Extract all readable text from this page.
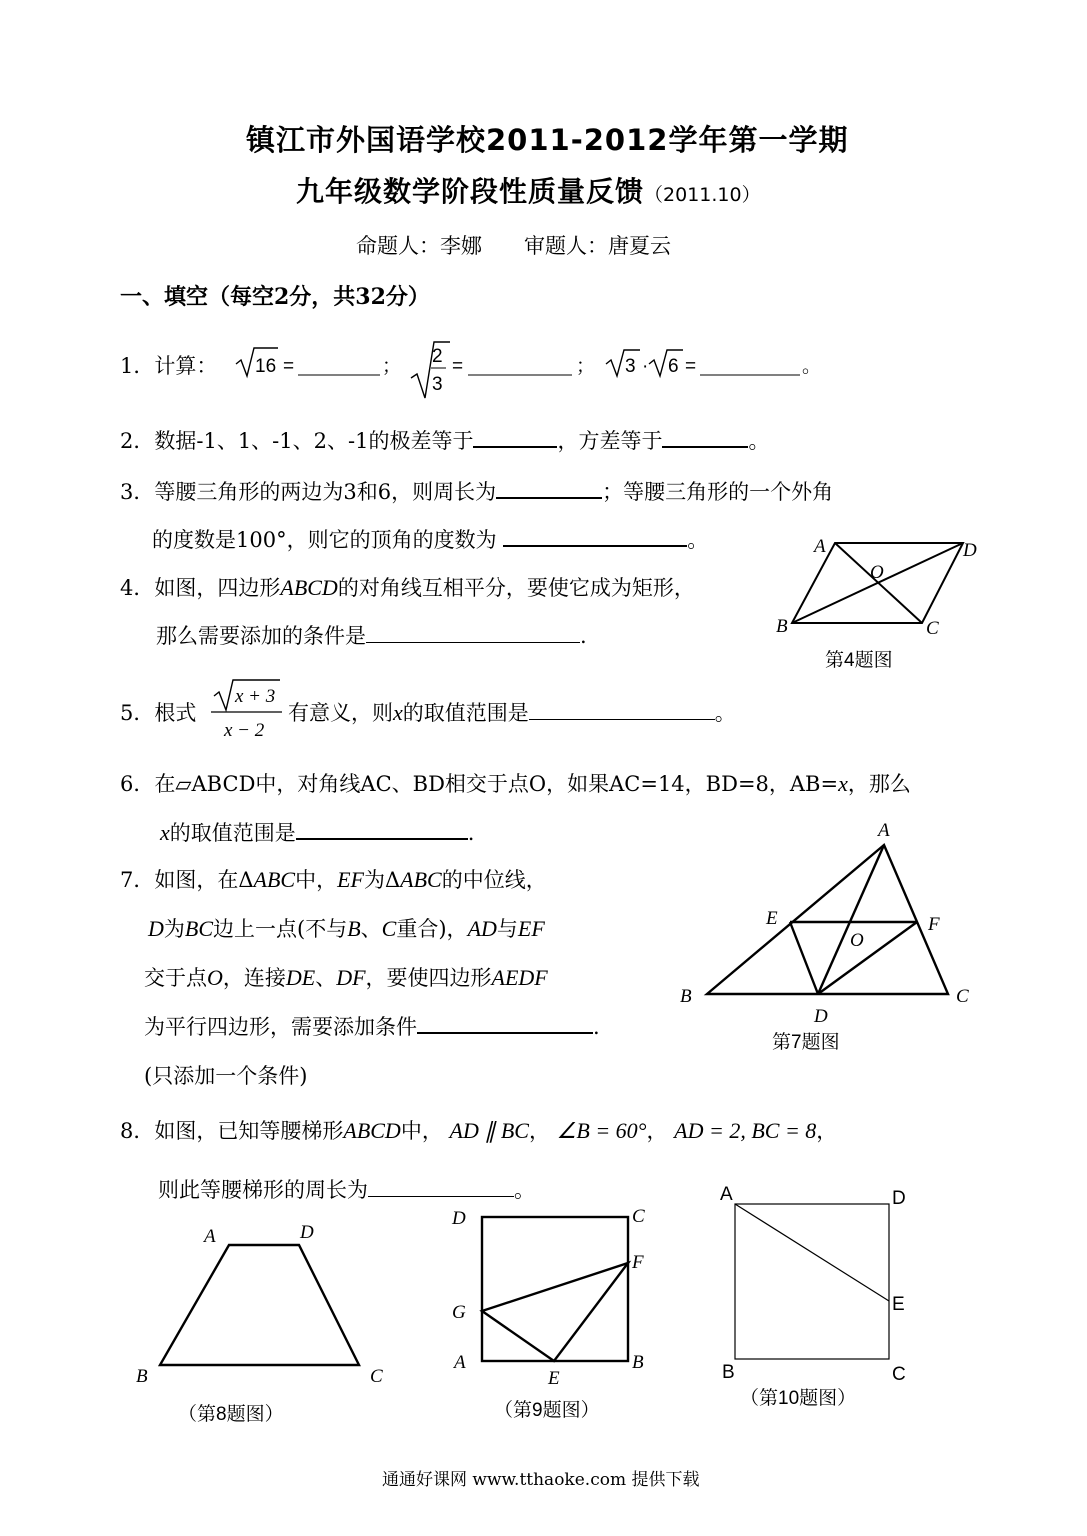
镇江市外国语学校2011-2012学年第一学期
九年级数学阶段性质量反馈（2011.10）
命题人：李娜　　审题人：唐夏云
一、填空（每空2分，共32分）
1．计算： 16 =	； 2
3
=	； 3 · 6 =	。
2．数据-1、1、-1、2、-1的极差等于	，方差等于	。
3．等腰三角形的两边为3和6，则周长为	；等腰三角形的一个外角
的度数是100°，则它的顶角的度数为	。
4．如图，四边形ABCD的对角线互相平分，要使它成为矩形，
那么需要添加的条件是	.
A	D
O
B	C
第4题图
5．根式
x + 3
x − 2
有意义，则x的取值范围是	。
6．在▱ABCD中，对角线AC、BD相交于点O，如果AC=14，BD=8，AB=x，那么
x的取值范围是	.
7．如图，在ΔABC中，EF为ΔABC的中位线，
D为BC边上一点(不与B、C重合)，AD与EF
交于点O，连接DE、DF，要使四边形AEDF
为平行四边形，需要添加条件	.
(只添加一个条件)
A
E	F
O
B
D
C
第7题图
8．如图，已知等腰梯形ABCD中， AD ∥ BC， ∠B = 60°， AD = 2, BC = 8，
则此等腰梯形的周长为	。
A	D
B	C
（第8题图）
D	C
F
G
A
E
B
（第9题图）
A	D
E
B	C
（第10题图）
通通好课网 www.tthaoke.com 提供下载
